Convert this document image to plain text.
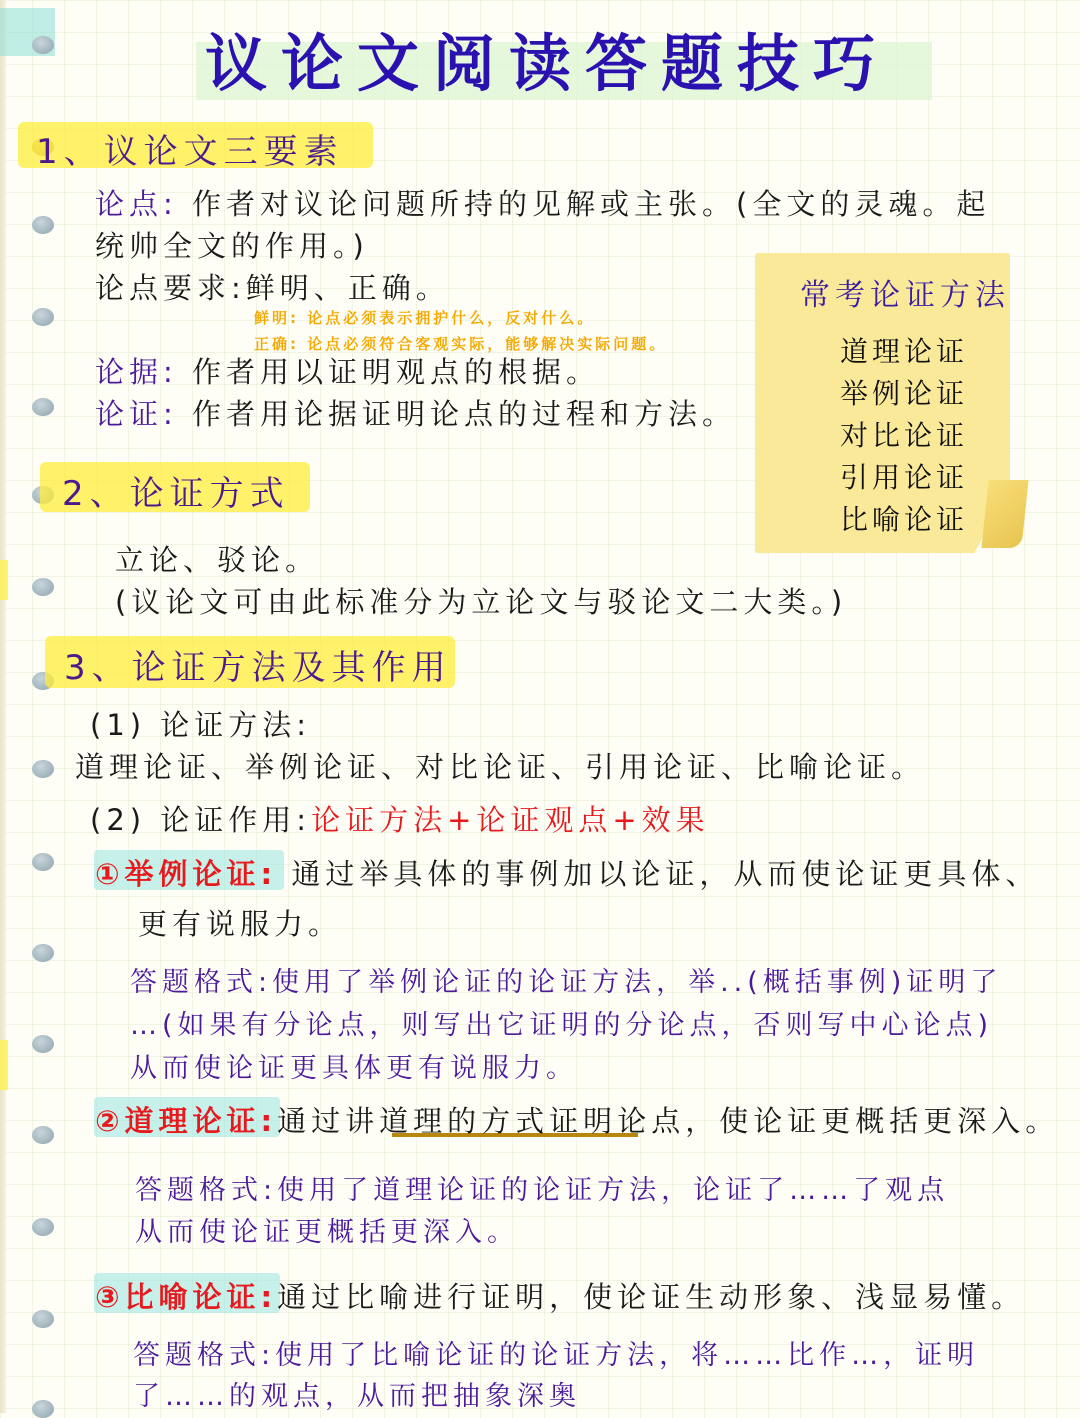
议论文阅读答题技巧
1、议论文三要素
论点: 作者对议论问题所持的见解或主张。(全文的灵魂。起
统帅全文的作用。)
论点要求:鲜明、正确。
鲜明: 论点必须表示拥护什么，反对什么。
正确: 论点必须符合客观实际，能够解决实际问题。
论据: 作者用以证明观点的根据。
论证: 作者用论据证明论点的过程和方法。
常考论证方法
道理论证
举例论证
对比论证
引用论证
比喻论证
2、论证方式
立论、驳论。
(议论文可由此标准分为立论文与驳论文二大类。)
3、论证方法及其作用
(1) 论证方法:
道理论证、举例论证、对比论证、引用论证、比喻论证。
(2) 论证作用:论证方法+论证观点+效果
①举例论证: 通过举具体的事例加以论证，从而使论证更具体、
更有说服力。
答题格式:使用了举例论证的论证方法，举..(概括事例)证明了
…(如果有分论点，则写出它证明的分论点，否则写中心论点)
从而使论证更具体更有说服力。
②道理论证:通过讲道理的方式证明论点，使论证更概括更深入。
答题格式:使用了道理论证的论证方法，论证了……了观点
从而使论证更概括更深入。
③比喻论证:通过比喻进行证明，使论证生动形象、浅显易懂。
答题格式:使用了比喻论证的论证方法，将……比作…，证明
了……的观点，从而把抽象深奥
